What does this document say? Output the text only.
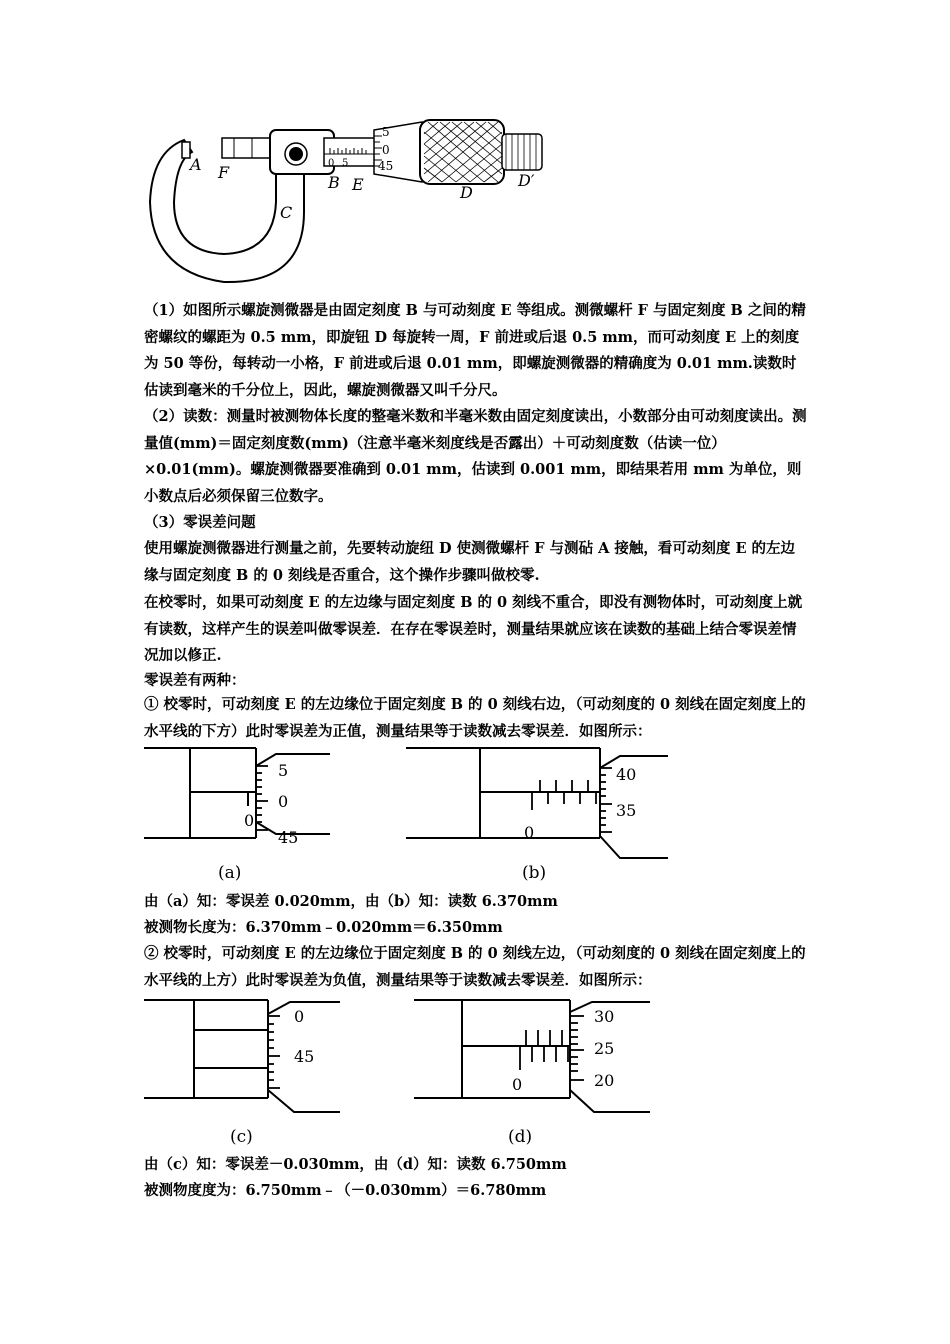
0 5
5
0
45
A F
B E
C
D
D′

（1）如图所示螺旋测微器是由固定刻度 B 与可动刻度 E 等组成。测微螺杆 F 与固定刻度 B 之间的精密螺纹的螺距为 0.5 mm，即旋钮 D 每旋转一周，F 前进或后退 0.5 mm，而可动刻度 E 上的刻度为 50 等份，每转动一小格，F 前进或后退 0.01 mm，即螺旋测微器的精确度为 0.01 mm.读数时估读到毫米的千分位上，因此，螺旋测微器又叫千分尺。

（2）读数：测量时被测物体长度的整毫米数和半毫米数由固定刻度读出，小数部分由可动刻度读出。测量值(mm)＝固定刻度数(mm)（注意半毫米刻度线是否露出）＋可动刻度数（估读一位）×0.01(mm)。螺旋测微器要准确到 0.01 mm，估读到 0.001 mm，即结果若用 mm 为单位，则小数点后必须保留三位数字。

（3）零误差问题

使用螺旋测微器进行测量之前，先要转动旋纽 D 使测微螺杆 F 与测砧 A 接触，看可动刻度 E 的左边缘与固定刻度 B 的 0 刻线是否重合，这个操作步骤叫做校零.

在校零时，如果可动刻度 E 的左边缘与固定刻度 B 的 0 刻线不重合，即没有测物体时，可动刻度上就有读数，这样产生的误差叫做零误差．在存在零误差时，测量结果就应该在读数的基础上结合零误差情况加以修正.

零误差有两种：

① 校零时，可动刻度 E 的左边缘位于固定刻度 B 的 0 刻线右边，（可动刻度的 0 刻线在固定刻度上的水平线的下方）此时零误差为正值，测量结果等于读数减去零误差．如图所示：

5
0
45
0
(a)
40
35
0
(b)

由（a）知：零误差 0.020mm，由（b）知：读数 6.370mm

被测物长度为：6.370mm﹣0.020mm＝6.350mm

② 校零时，可动刻度 E 的左边缘位于固定刻度 B 的 0 刻线左边，（可动刻度的 0 刻线在固定刻度上的水平线的上方）此时零误差为负值，测量结果等于读数减去零误差．如图所示：

0
45
(c)
30
25
20
0
(d)

由（c）知：零误差－0.030mm，由（d）知：读数 6.750mm

被测物度度为：6.750mm﹣（－0.030mm）＝6.780mm
